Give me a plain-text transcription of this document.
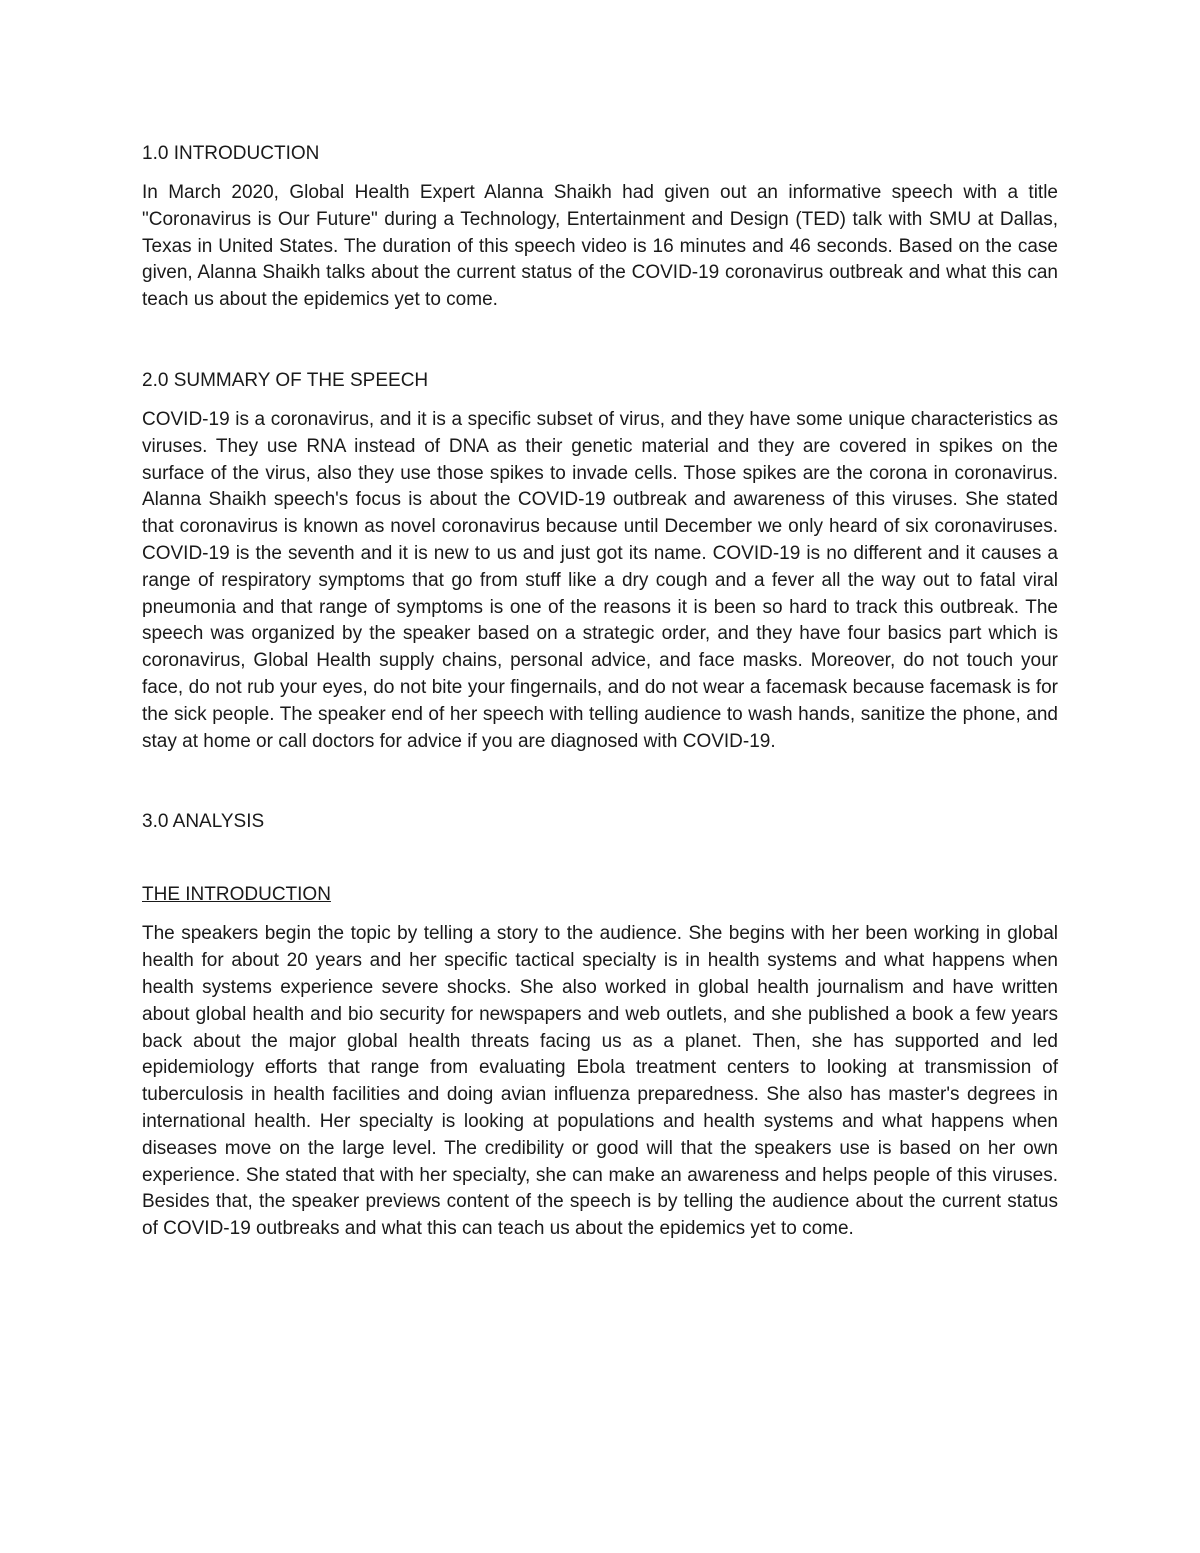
1.0 INTRODUCTION

In March 2020, Global Health Expert Alanna Shaikh had given out an informative speech with a title "Coronavirus is Our Future" during a Technology, Entertainment and Design (TED) talk with SMU at Dallas, Texas in United States. The duration of this speech video is 16 minutes and 46 seconds. Based on the case given, Alanna Shaikh talks about the current status of the COVID-19 coronavirus outbreak and what this can teach us about the epidemics yet to come.

2.0 SUMMARY OF THE SPEECH

COVID-19 is a coronavirus, and it is a specific subset of virus, and they have some unique characteristics as viruses. They use RNA instead of DNA as their genetic material and they are covered in spikes on the surface of the virus, also they use those spikes to invade cells. Those spikes are the corona in coronavirus. Alanna Shaikh speech's focus is about the COVID-19 outbreak and awareness of this viruses. She stated that coronavirus is known as novel coronavirus because until December we only heard of six coronaviruses. COVID-19 is the seventh and it is new to us and just got its name. COVID-19 is no different and it causes a range of respiratory symptoms that go from stuff like a dry cough and a fever all the way out to fatal viral pneumonia and that range of symptoms is one of the reasons it is been so hard to track this outbreak. The speech was organized by the speaker based on a strategic order, and they have four basics part which is coronavirus, Global Health supply chains, personal advice, and face masks. Moreover, do not touch your face, do not rub your eyes, do not bite your fingernails, and do not wear a facemask because facemask is for the sick people. The speaker end of her speech with telling audience to wash hands, sanitize the phone, and stay at home or call doctors for advice if you are diagnosed with COVID-19.

3.0 ANALYSIS

THE INTRODUCTION

The speakers begin the topic by telling a story to the audience. She begins with her been working in global health for about 20 years and her specific tactical specialty is in health systems and what happens when health systems experience severe shocks. She also worked in global health journalism and have written about global health and bio security for newspapers and web outlets, and she published a book a few years back about the major global health threats facing us as a planet. Then, she has supported and led epidemiology efforts that range from evaluating Ebola treatment centers to looking at transmission of tuberculosis in health facilities and doing avian influenza preparedness. She also has master's degrees in international health. Her specialty is looking at populations and health systems and what happens when diseases move on the large level. The credibility or good will that the speakers use is based on her own experience. She stated that with her specialty, she can make an awareness and helps people of this viruses. Besides that, the speaker previews content of the speech is by telling the audience about the current status of COVID-19 outbreaks and what this can teach us about the epidemics yet to come.
